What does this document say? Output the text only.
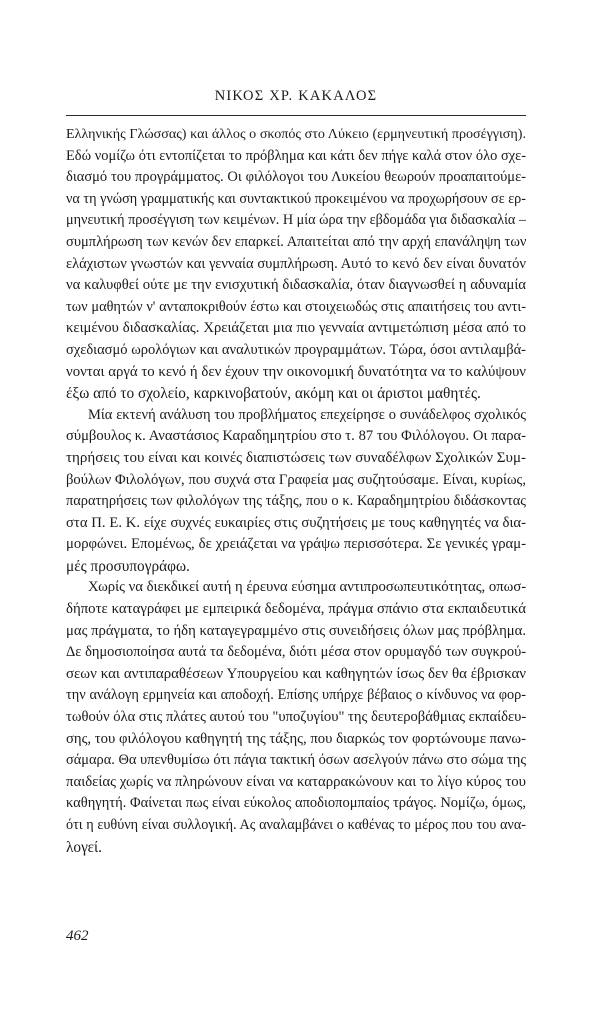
ΝΙΚΟΣ ΧΡ. ΚΑΚΑΛΟΣ
Ελληνικής Γλώσσας) και άλλος ο σκοπός στο Λύκειο (ερμηνευτική προσέγγιση).
Εδώ νομίζω ότι εντοπίζεται το πρόβλημα και κάτι δεν πήγε καλά στον όλο σχε-
διασμό του προγράμματος. Οι φιλόλογοι του Λυκείου θεωρούν προαπαιτούμε-
να τη γνώση γραμματικής και συντακτικού προκειμένου να προχωρήσουν σε ερ-
μηνευτική προσέγγιση των κειμένων. Η μία ώρα την εβδομάδα για διδασκαλία –
συμπλήρωση των κενών δεν επαρκεί. Απαιτείται από την αρχή επανάληψη των
ελάχιστων γνωστών και γενναία συμπλήρωση. Αυτό το κενό δεν είναι δυνατόν
να καλυφθεί ούτε με την ενισχυτική διδασκαλία, όταν διαγνωσθεί η αδυναμία
των μαθητών ν' ανταποκριθούν έστω και στοιχειωδώς στις απαιτήσεις του αντι-
κειμένου διδασκαλίας. Χρειάζεται μια πιο γενναία αντιμετώπιση μέσα από το
σχεδιασμό ωρολόγιων και αναλυτικών προγραμμάτων. Τώρα, όσοι αντιλαμβά-
νονται αργά το κενό ή δεν έχουν την οικονομική δυνατότητα να το καλύψουν
έξω από το σχολείο, καρκινοβατούν, ακόμη και οι άριστοι μαθητές.
Μία εκτενή ανάλυση του προβλήματος επεχείρησε ο συνάδελφος σχολικός
σύμβουλος κ. Αναστάσιος Καραδημητρίου στο τ. 87 του Φιλόλογου. Οι παρα-
τηρήσεις του είναι και κοινές διαπιστώσεις των συναδέλφων Σχολικών Συμ-
βούλων Φιλολόγων, που συχνά στα Γραφεία μας συζητούσαμε. Είναι, κυρίως,
παρατηρήσεις των φιλολόγων της τάξης, που ο κ. Καραδημητρίου διδάσκοντας
στα Π. Ε. Κ. είχε συχνές ευκαιρίες στις συζητήσεις με τους καθηγητές να δια-
μορφώνει. Επομένως, δε χρειάζεται να γράψω περισσότερα. Σε γενικές γραμ-
μές προσυπογράφω.
Χωρίς να διεκδικεί αυτή η έρευνα εύσημα αντιπροσωπευτικότητας, οπωσ-
δήποτε καταγράφει με εμπειρικά δεδομένα, πράγμα σπάνιο στα εκπαιδευτικά
μας πράγματα, το ήδη καταγεγραμμένο στις συνειδήσεις όλων μας πρόβλημα.
Δε δημοσιοποίησα αυτά τα δεδομένα, διότι μέσα στον ορυμαγδό των συγκρού-
σεων και αντιπαραθέσεων Υπουργείου και καθηγητών ίσως δεν θα έβρισκαν
την ανάλογη ερμηνεία και αποδοχή. Επίσης υπήρχε βέβαιος ο κίνδυνος να φορ-
τωθούν όλα στις πλάτες αυτού του "υποζυγίου" της δευτεροβάθμιας εκπαίδευ-
σης, του φιλόλογου καθηγητή της τάξης, που διαρκώς τον φορτώνουμε πανω-
σάμαρα. Θα υπενθυμίσω ότι πάγια τακτική όσων ασελγούν πάνω στο σώμα της
παιδείας χωρίς να πληρώνουν είναι να καταρρακώνουν και το λίγο κύρος του
καθηγητή. Φαίνεται πως είναι εύκολος αποδιοπομπαίος τράγος. Νομίζω, όμως,
ότι η ευθύνη είναι συλλογική. Ας αναλαμβάνει ο καθένας το μέρος που του ανα-
λογεί.
462
